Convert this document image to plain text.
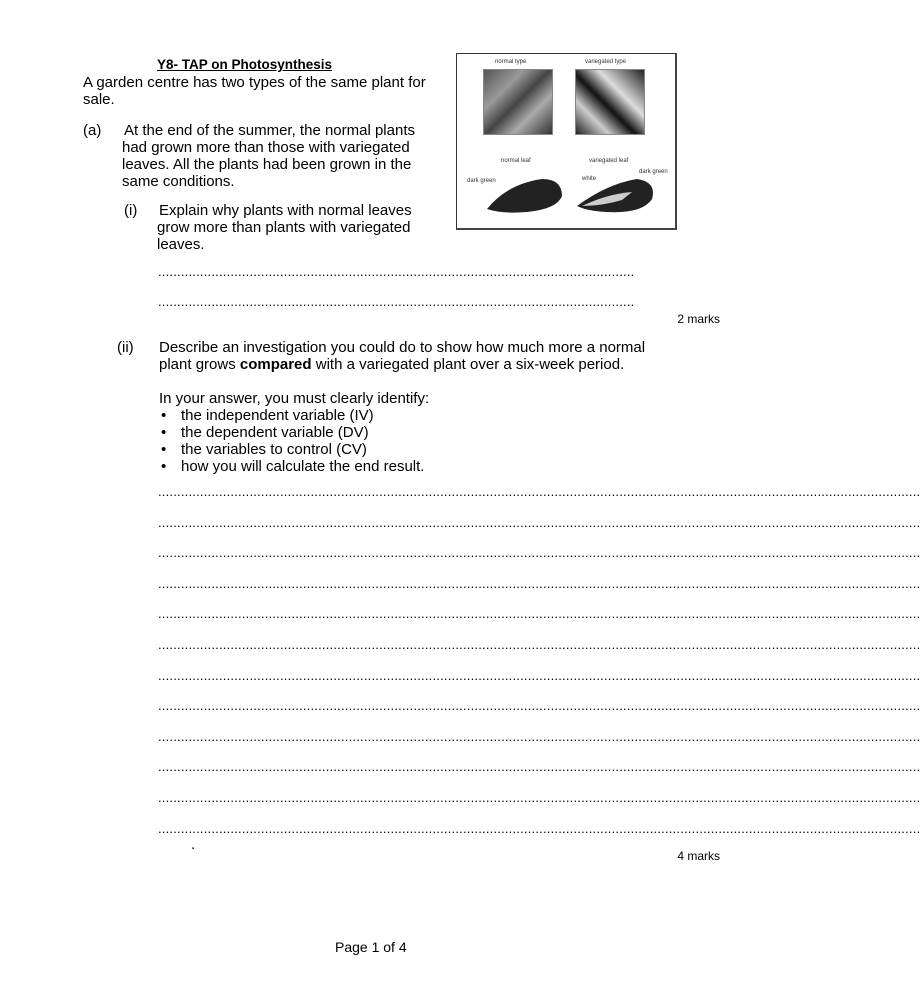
Y8- TAP on Photosynthesis
A garden centre has two types of the same plant for
sale.
(a) At the end of the summer, the normal plants
had grown more than those with variegated
leaves. All the plants had been grown in the
same conditions.
normal type	variegated type
normal leaf	variegated leaf
dark green	white
dark green
(i) Explain why plants with normal leaves
grow more than plants with variegated
leaves.
.............................................................................................................................
.............................................................................................................................
2 marks
(ii) Describe an investigation you could do to show how much more a normal
plant grows compared with a variegated plant over a six-week period.
In your answer, you must clearly identify:
• the independent variable (IV)
• the dependent variable (DV)
• the variables to control (CV)
• how you will calculate the end result.
........................................................................................................................................................................................................
........................................................................................................................................................................................................
........................................................................................................................................................................................................
........................................................................................................................................................................................................
........................................................................................................................................................................................................
........................................................................................................................................................................................................
........................................................................................................................................................................................................
........................................................................................................................................................................................................
........................................................................................................................................................................................................
........................................................................................................................................................................................................
........................................................................................................................................................................................................
........................................................................................................................................................................................................
.
4 marks
Page 1 of 4
